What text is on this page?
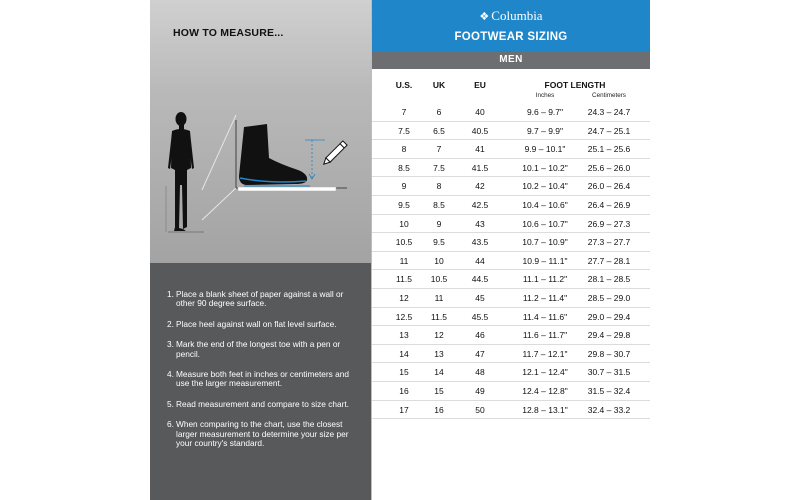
HOW TO MEASURE...
1. Place a blank sheet of paper against a wall or other 90 degree surface.
2. Place heel against wall on flat level surface.
3. Mark the end of the longest toe with a pen or pencil.
4. Measure both feet in inches or centimeters and use the larger measurement.
5. Read measurement and compare to size chart.
6. When comparing to the chart, use the closest larger measurement to determine your size per your country's standard.
❖ Columbia
FOOTWEAR SIZING
MEN
U.S.	UK	EU	FOOT LENGTH
Inches	Centimeters
7	6	40	9.6 – 9.7"	24.3 – 24.7
7.5	6.5	40.5	9.7 – 9.9"	24.7 – 25.1
8	7	41	9.9 – 10.1"	25.1 – 25.6
8.5	7.5	41.5	10.1 – 10.2"	25.6 – 26.0
9	8	42	10.2 – 10.4"	26.0 – 26.4
9.5	8.5	42.5	10.4 – 10.6"	26.4 – 26.9
10	9	43	10.6 – 10.7"	26.9 – 27.3
10.5	9.5	43.5	10.7 – 10.9"	27.3 – 27.7
11	10	44	10.9 – 11.1"	27.7 – 28.1
11.5	10.5	44.5	11.1 – 11.2"	28.1 – 28.5
12	11	45	11.2 – 11.4"	28.5 – 29.0
12.5	11.5	45.5	11.4 – 11.6"	29.0 – 29.4
13	12	46	11.6 – 11.7"	29.4 – 29.8
14	13	47	11.7 – 12.1"	29.8 – 30.7
15	14	48	12.1 – 12.4"	30.7 – 31.5
16	15	49	12.4 – 12.8"	31.5 – 32.4
17	16	50	12.8 – 13.1"	32.4 – 33.2
